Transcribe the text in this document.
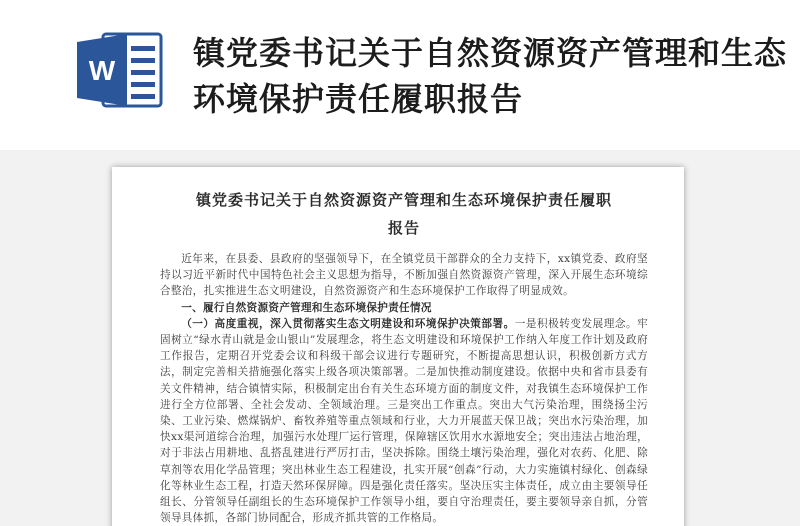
W 镇党委书记关于自然资源资产管理和生态环境保护责任履职报告
镇党委书记关于自然资源资产管理和生态环境保护责任履职
报告

近年来，在县委、县政府的坚强领导下，在全镇党员干部群众的全力支持下，xx镇党委、政府坚持以习近平新时代中国特色社会主义思想为指导，不断加强自然资源资产管理，深入开展生态环境综合整治，扎实推进生态文明建设，自然资源资产和生态环境保护工作取得了明显成效。

一、履行自然资源资产管理和生态环境保护责任情况

（一）高度重视，深入贯彻落实生态文明建设和环境保护决策部署。一是积极转变发展理念。牢固树立“绿水青山就是金山银山”发展理念，将生态文明建设和环境保护工作纳入年度工作计划及政府工作报告，定期召开党委会议和科级干部会议进行专题研究，不断提高思想认识，积极创新方式方法，制定完善相关措施强化落实上级各项决策部署。二是加快推动制度建设。依据中央和省市县委有关文件精神，结合镇情实际，积极制定出台有关生态环境方面的制度文件，对我镇生态环境保护工作进行全方位部署、全社会发动、全领域治理。三是突出工作重点。突出大气污染治理，围绕扬尘污染、工业污染、燃煤锅炉、畜牧养殖等重点领域和行业，大力开展蓝天保卫战；突出水污染治理，加快xx渠河道综合治理，加强污水处理厂运行管理，保障辖区饮用水水源地安全；突出违法占地治理，对于非法占用耕地、乱搭乱建进行严厉打击，坚决拆除。围绕土壤污染治理，强化对农药、化肥、除草剂等农用化学品管理；突出林业生态工程建设，扎实开展“创森”行动，大力实施镇村绿化、创森绿化等林业生态工程，打造天然环保屏障。四是强化责任落实。坚决压实主体责任，成立由主要领导任组长、分管领导任副组长的生态环境保护工作领导小组，要自守治理责任，要主要领导亲自抓，分管领导具体抓，各部门协同配合，形成齐抓共管的工作格局。
